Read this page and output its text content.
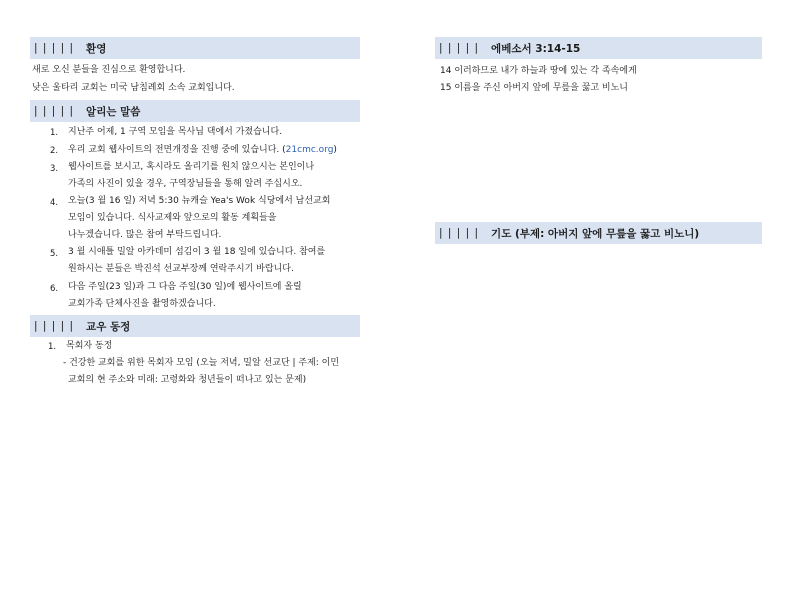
| | | | | 환영
새로 오신 분들을 진심으로 환영합니다.
낮은 울타리 교회는 미국 남침례회 소속 교회입니다.
| | | | | 알리는 말씀
1. 지난주 어제, 1 구역 모임을 목사님 댁에서 가졌습니다.
2. 우리 교회 웹사이트의 전면개정을 진행 중에 있습니다. (21cmc.org)
3. 웹사이트를 보시고, 혹시라도 올리기를 원치 않으시는 본인이나
가족의 사진이 있을 경우, 구역장님들을 통해 알려 주십시오.
4. 오늘(3 월 16 일) 저녁 5:30 뉴캐슬 Yea's Wok 식당에서 남선교회
모임이 있습니다. 식사교제와 앞으로의 활동 계획들을
나누겠습니다. 많은 참여 부탁드립니다.
5. 3 월 시애틀 밀알 아카데미 섬김이 3 월 18 일에 있습니다. 참여를
원하시는 분들은 박진석 선교부장께 연락주시기 바랍니다.
6. 다음 주일(23 일)과 그 다음 주일(30 일)에 웹사이트에 올릴
교회가족 단체사진을 촬영하겠습니다.
| | | | | 교우 동정
1. 목회자 동정
- 건강한 교회를 위한 목회자 모임 (오늘 저녁, 밀알 선교단 | 주제: 이민
교회의 현 주소와 미래: 고령화와 청년들이 떠나고 있는 문제)
| | | | | 에베소서 3:14-15
14 이러하므로 내가 하늘과 땅에 있는 각 족속에게
15 이름을 주신 아버지 앞에 무릎을 꿇고 비노니
| | | | | 기도 (부제: 아버지 앞에 무릎을 꿇고 비노니)
